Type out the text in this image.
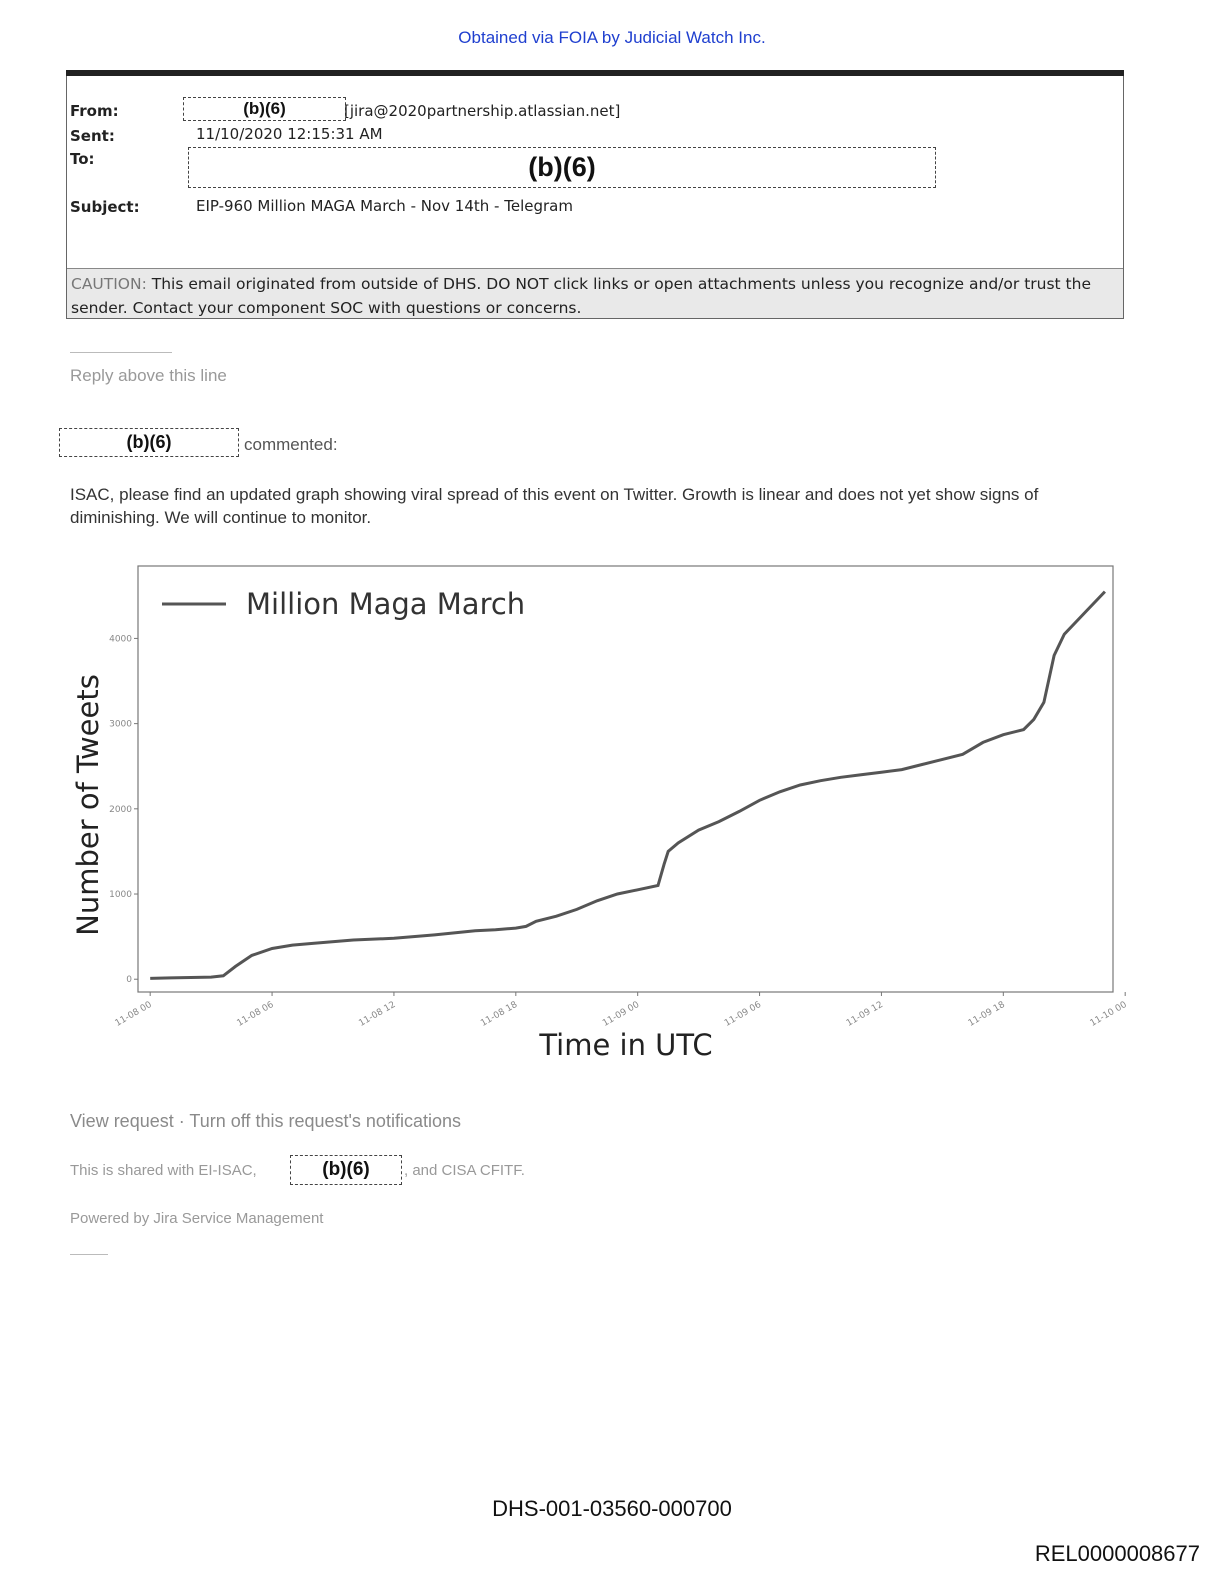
Obtained via FOIA by Judicial Watch Inc.
From:	(b)(6)	[jira@2020partnership.atlassian.net]
Sent:	11/10/2020 12:15:31 AM
To:	(b)(6)
Subject:	EIP-960 Million MAGA March - Nov 14th - Telegram
CAUTION: This email originated from outside of DHS. DO NOT click links or open attachments unless you recognize and/or trust the sender. Contact your component SOC with questions or concerns.
Reply above this line
(b)(6)	commented:
ISAC, please find an updated graph showing viral spread of this event on Twitter. Growth is linear and does not yet show signs of diminishing. We will continue to monitor.
0
1000
2000
3000
4000
11-08 00	11-08 06	11-08 12	11-08 18	11-09 00	11-09 06	11-09 12	11-09 18	11-10 00
Million Maga March
Time in UTC
Number of Tweets
View request · Turn off this request's notifications
This is shared with EI-ISAC,	(b)(6)	, and CISA CFITF.
Powered by Jira Service Management
DHS-001-03560-000700
REL0000008677
